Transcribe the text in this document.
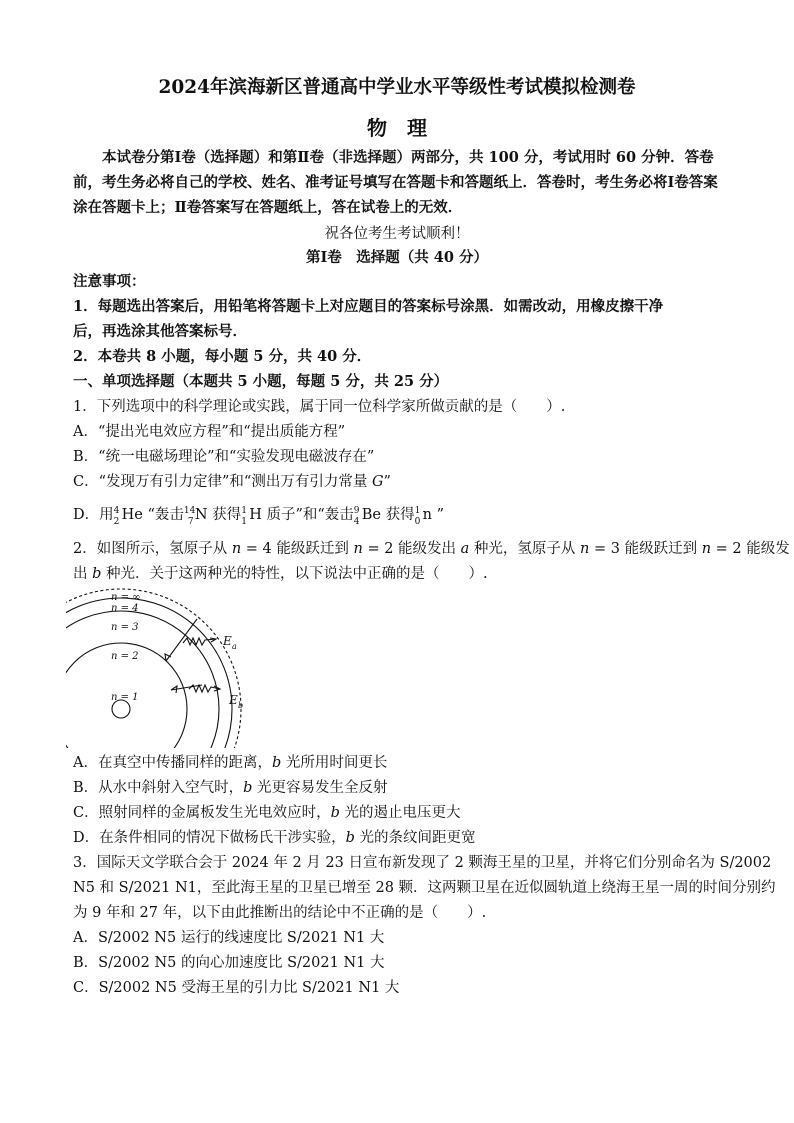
2024年滨海新区普通高中学业水平等级性考试模拟检测卷
物　理
本试卷分第Ⅰ卷（选择题）和第Ⅱ卷（非选择题）两部分，共 100 分，考试用时 60 分钟．答卷前，考生务必将自己的学校、姓名、准考证号填写在答题卡和答题纸上．答卷时，考生务必将Ⅰ卷答案涂在答题卡上；Ⅱ卷答案写在答题纸上，答在试卷上的无效．
祝各位考生考试顺利！
第Ⅰ卷　选择题（共 40 分）
注意事项：
1．每题选出答案后，用铅笔将答题卡上对应题目的答案标号涂黑．如需改动，用橡皮擦干净
后，再选涂其他答案标号．
2．本卷共 8 小题，每小题 5 分，共 40 分．
一、单项选择题（本题共 5 小题，每题 5 分，共 25 分）
1．下列选项中的科学理论或实践，属于同一位科学家所做贡献的是（　　）.
A．“提出光电效应方程”和“提出质能方程”
B．“统一电磁场理论”和“实验发现电磁波存在”
C．“发现万有引力定律”和“测出万有引力常量 G”
D．用 4
2 He “轰击 14
7 N 获得 1
1 H 质子”和“轰击 9
4 Be 获得 1
0 n ”
2．如图所示，氢原子从 n = 4 能级跃迁到 n = 2 能级发出 a 种光，氢原子从 n = 3 能级跃迁到 n = 2 能级发
出 b 种光．关于这两种光的特性，以下说法中正确的是（　　）.
n = ∞
n = 4
n = 3
n = 2
n = 1
E a
E b
A．在真空中传播同样的距离，b 光所用时间更长
B．从水中斜射入空气时，b 光更容易发生全反射
C．照射同样的金属板发生光电效应时，b 光的遏止电压更大
D．在条件相同的情况下做杨氏干涉实验，b 光的条纹间距更宽
3．国际天文学联合会于 2024 年 2 月 23 日宣布新发现了 2 颗海王星的卫星，并将它们分别命名为 S/2002
N5 和 S/2021 N1，至此海王星的卫星已增至 28 颗．这两颗卫星在近似圆轨道上绕海王星一周的时间分别约
为 9 年和 27 年，以下由此推断出的结论中不正确的是（　　）.
A．S/2002 N5 运行的线速度比 S/2021 N1 大
B．S/2002 N5 的向心加速度比 S/2021 N1 大
C．S/2002 N5 受海王星的引力比 S/2021 N1 大
